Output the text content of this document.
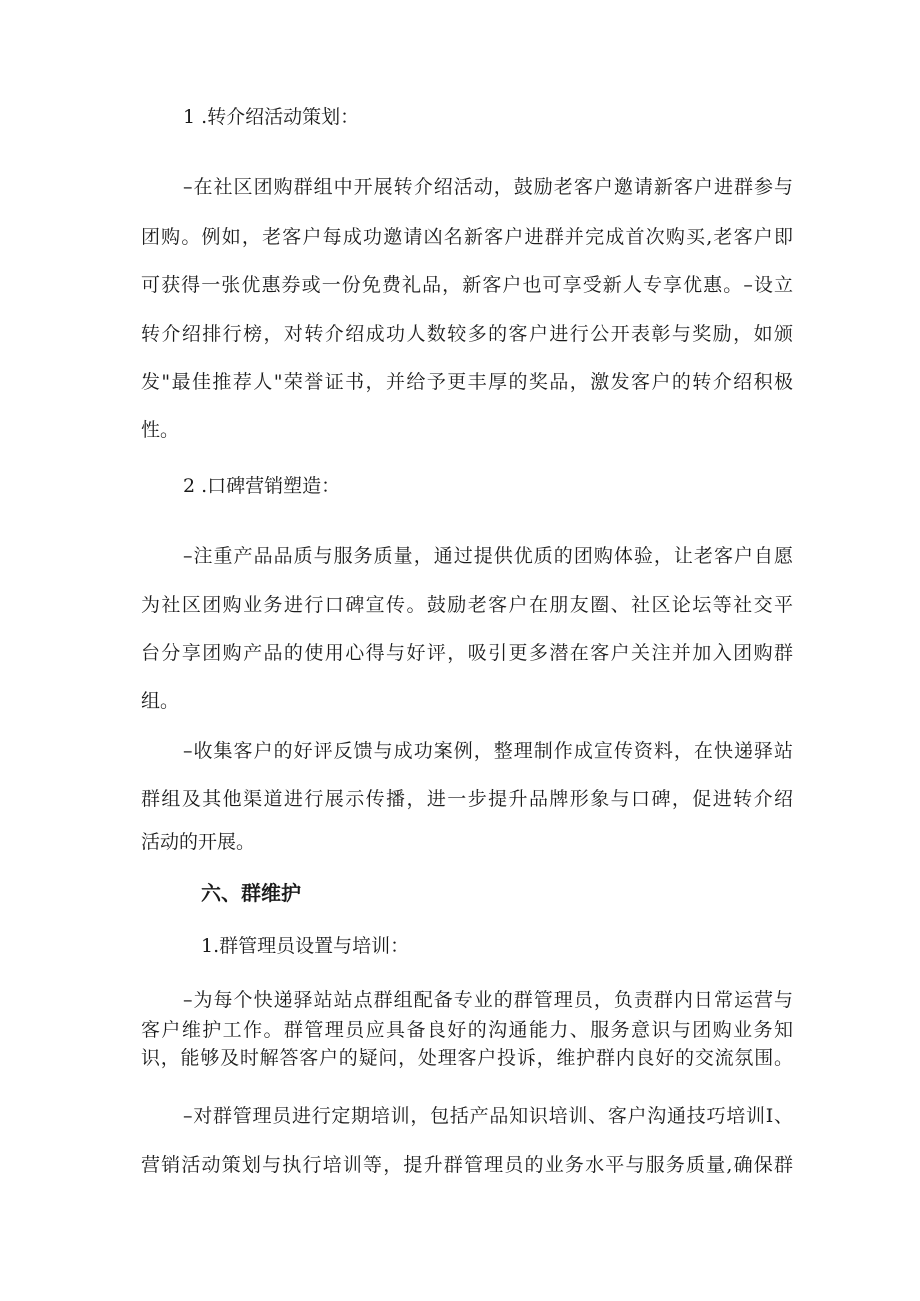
1 .转介绍活动策划：

–在社区团购群组中开展转介绍活动，鼓励老客户邀请新客户进群参与

团购。例如，老客户每成功邀请凶名新客户进群并完成首次购买,老客户即

可获得一张优惠券或一份免费礼品，新客户也可享受新人专享优惠。–设立

转介绍排行榜，对转介绍成功人数较多的客户进行公开表彰与奖励，如颁

发"最佳推荐人"荣誉证书，并给予更丰厚的奖品，激发客户的转介绍积极

性。

2 .口碑营销塑造：

–注重产品品质与服务质量，通过提供优质的团购体验，让老客户自愿

为社区团购业务进行口碑宣传。鼓励老客户在朋友圈、社区论坛等社交平

台分享团购产品的使用心得与好评，吸引更多潜在客户关注并加入团购群

组。

–收集客户的好评反馈与成功案例，整理制作成宣传资料，在快递驿站

群组及其他渠道进行展示传播，进一步提升品牌形象与口碑，促进转介绍

活动的开展。

六、群维护

1.群管理员设置与培训：

–为每个快递驿站站点群组配备专业的群管理员，负责群内日常运营与

客户维护工作。群管理员应具备良好的沟通能力、服务意识与团购业务知

识，能够及时解答客户的疑问，处理客户投诉，维护群内良好的交流氛围。

–对群管理员进行定期培训，包括产品知识培训、客户沟通技巧培训I、

营销活动策划与执行培训等，提升群管理员的业务水平与服务质量,确保群
